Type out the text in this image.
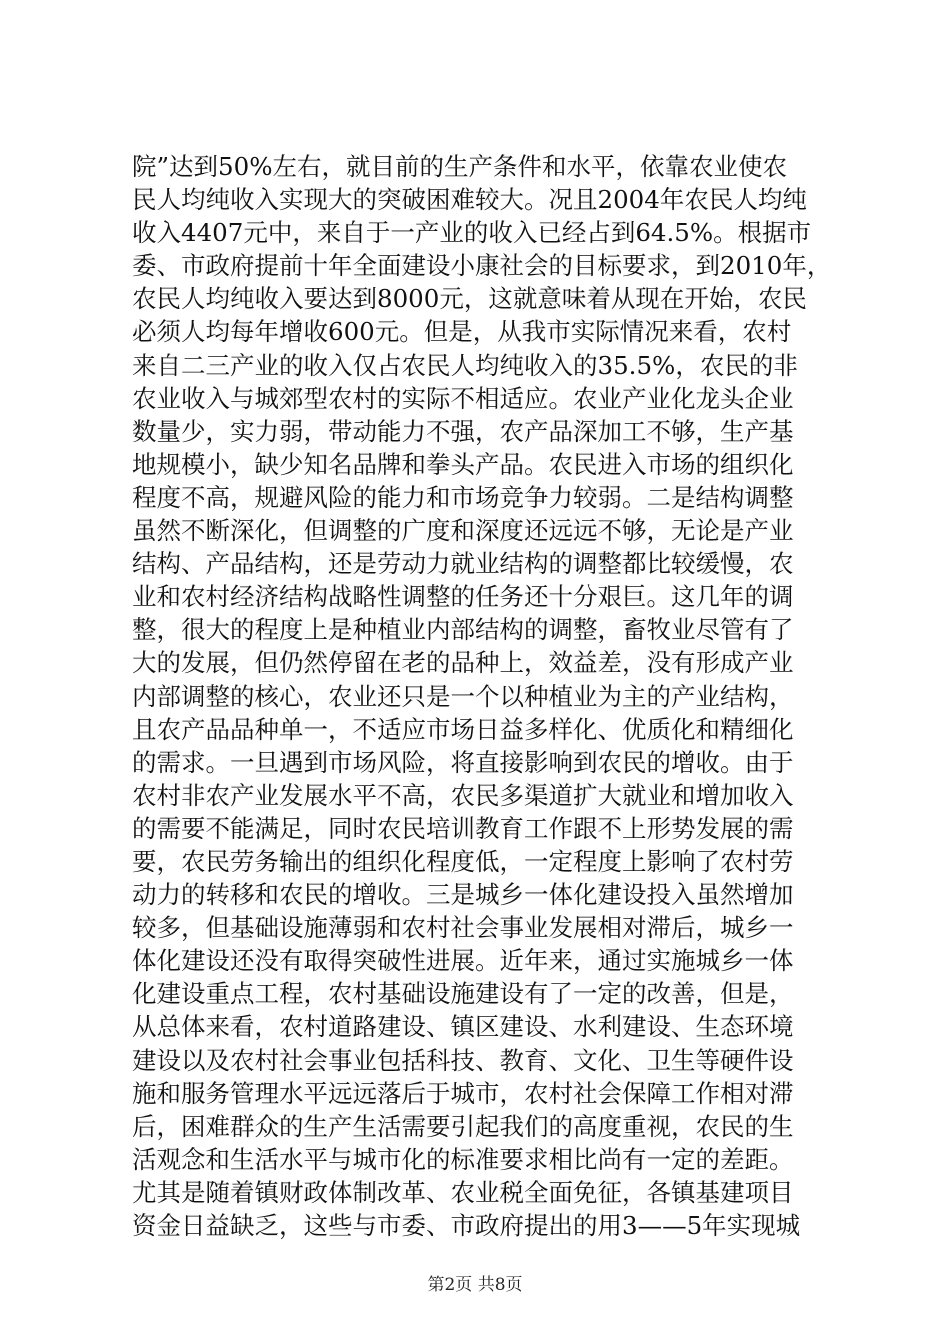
院”达到50%左右，就目前的生产条件和水平，依靠农业使农
民人均纯收入实现大的突破困难较大。况且2004年农民人均纯
收入4407元中，来自于一产业的收入已经占到64.5%。根据市
委、市政府提前十年全面建设小康社会的目标要求，到2010年，
农民人均纯收入要达到8000元，这就意味着从现在开始，农民
必须人均每年增收600元。但是，从我市实际情况来看，农村
来自二三产业的收入仅占农民人均纯收入的35.5%，农民的非
农业收入与城郊型农村的实际不相适应。农业产业化龙头企业
数量少，实力弱，带动能力不强，农产品深加工不够，生产基
地规模小，缺少知名品牌和拳头产品。农民进入市场的组织化
程度不高，规避风险的能力和市场竞争力较弱。二是结构调整
虽然不断深化，但调整的广度和深度还远远不够，无论是产业
结构、产品结构，还是劳动力就业结构的调整都比较缓慢，农
业和农村经济结构战略性调整的任务还十分艰巨。这几年的调
整，很大的程度上是种植业内部结构的调整，畜牧业尽管有了
大的发展，但仍然停留在老的品种上，效益差，没有形成产业
内部调整的核心，农业还只是一个以种植业为主的产业结构，
且农产品品种单一，不适应市场日益多样化、优质化和精细化
的需求。一旦遇到市场风险，将直接影响到农民的增收。由于
农村非农产业发展水平不高，农民多渠道扩大就业和增加收入
的需要不能满足，同时农民培训教育工作跟不上形势发展的需
要，农民劳务输出的组织化程度低，一定程度上影响了农村劳
动力的转移和农民的增收。三是城乡一体化建设投入虽然增加
较多，但基础设施薄弱和农村社会事业发展相对滞后，城乡一
体化建设还没有取得突破性进展。近年来，通过实施城乡一体
化建设重点工程，农村基础设施建设有了一定的改善，但是，
从总体来看，农村道路建设、镇区建设、水利建设、生态环境
建设以及农村社会事业包括科技、教育、文化、卫生等硬件设
施和服务管理水平远远落后于城市，农村社会保障工作相对滞
后，困难群众的生产生活需要引起我们的高度重视，农民的生
活观念和生活水平与城市化的标准要求相比尚有一定的差距。
尤其是随着镇财政体制改革、农业税全面免征，各镇基建项目
资金日益缺乏，这些与市委、市政府提出的用3——5年实现城
第2页 共8页
